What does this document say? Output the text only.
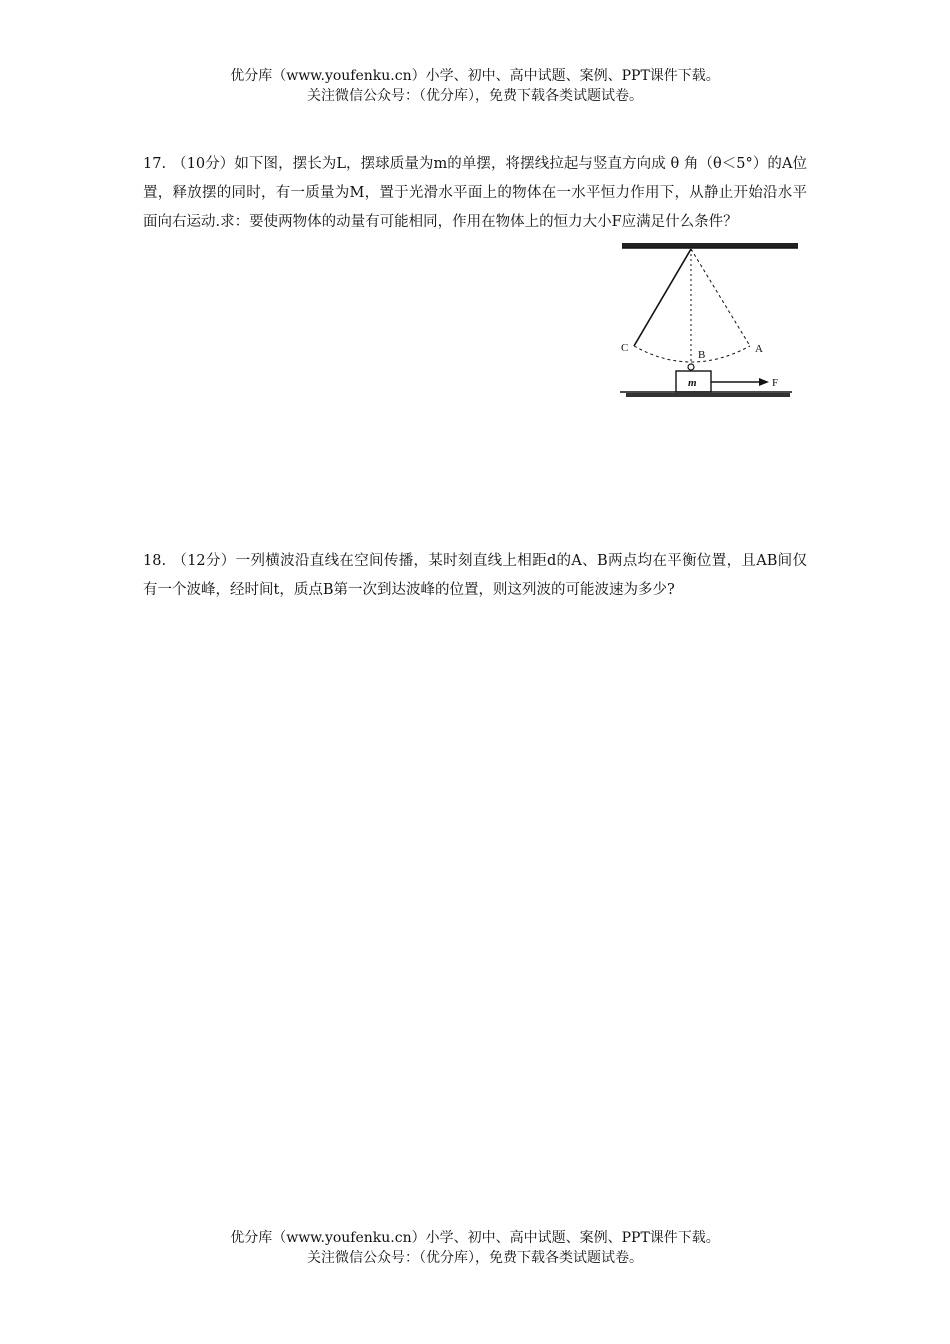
优分库（www.youfenku.cn）小学、初中、高中试题、案例、PPT课件下载。
关注微信公众号：（优分库），免费下载各类试题试卷。
17. （10分）如下图，摆长为L，摆球质量为m的单摆，将摆线拉起与竖直方向成 θ 角（θ＜5°）的A位置，释放摆的同时，有一质量为M，置于光滑水平面上的物体在一水平恒力作用下，从静止开始沿水平面向右运动.求：要使两物体的动量有可能相同，作用在物体上的恒力大小F应满足什么条件？
C
B	A
m	F
18. （12分）一列横波沿直线在空间传播，某时刻直线上相距d的A、B两点均在平衡位置，且AB间仅有一个波峰，经时间t，质点B第一次到达波峰的位置，则这列波的可能波速为多少?
优分库（www.youfenku.cn）小学、初中、高中试题、案例、PPT课件下载。
关注微信公众号：（优分库），免费下载各类试题试卷。
